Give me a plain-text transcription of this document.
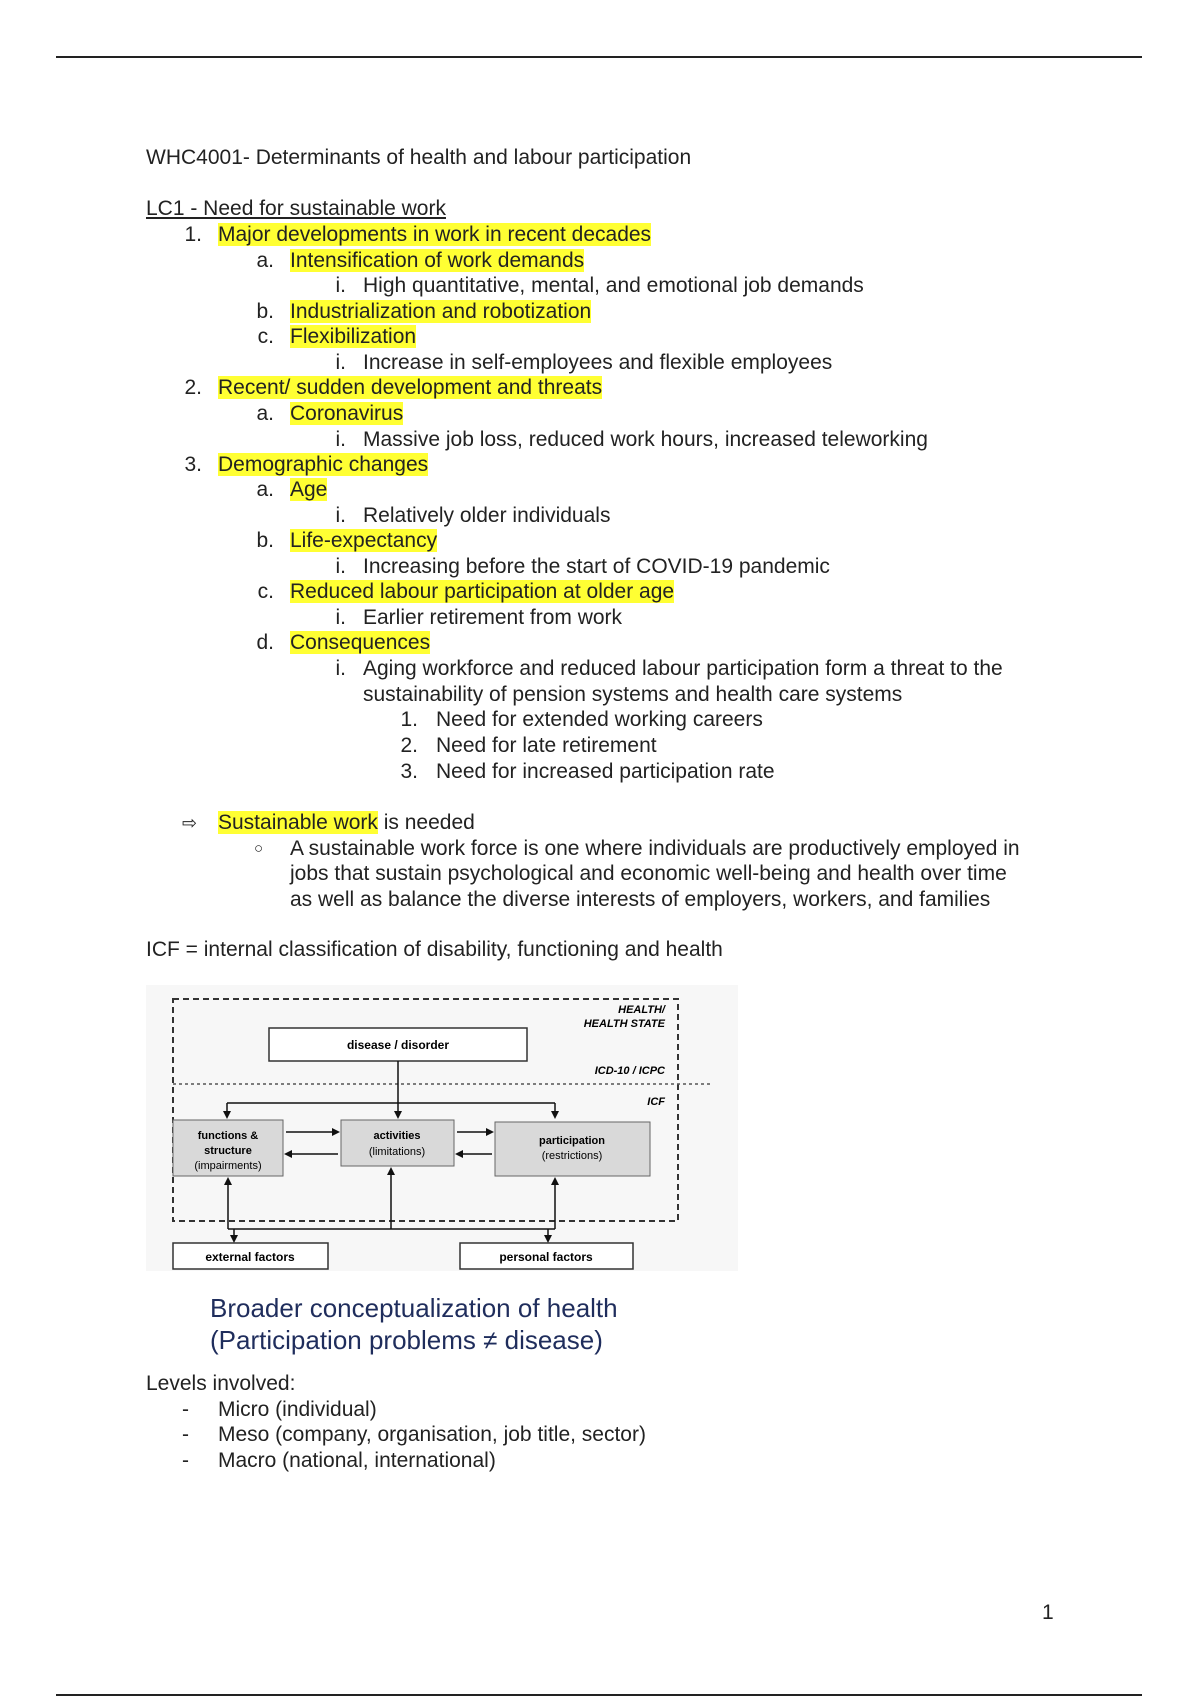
WHC4001- Determinants of health and labour participation
LC1 - Need for sustainable work
1. Major developments in work in recent decades
a. Intensification of work demands
i. High quantitative, mental, and emotional job demands
b. Industrialization and robotization
c. Flexibilization
i. Increase in self-employees and flexible employees
2. Recent/ sudden development and threats
a. Coronavirus
i. Massive job loss, reduced work hours, increased teleworking
3. Demographic changes
a. Age
i. Relatively older individuals
b. Life-expectancy
i. Increasing before the start of COVID-19 pandemic
c. Reduced labour participation at older age
i. Earlier retirement from work
d. Consequences
i. Aging workforce and reduced labour participation form a threat to the
sustainability of pension systems and health care systems
1. Need for extended working careers
2. Need for late retirement
3. Need for increased participation rate
⇨ Sustainable work is needed
○ A sustainable work force is one where individuals are productively employed in
jobs that sustain psychological and economic well-being and health over time
as well as balance the diverse interests of employers, workers, and families
ICF = internal classification of disability, functioning and health
HEALTH/
HEALTH STATE
ICD-10 / ICPC
ICF
disease / disorder
functions &
structure
(impairments)
activities
(limitations)
participation
(restrictions)
external factors	personal factors
Broader conceptualization of health
(Participation problems ≠ disease)
Levels involved:
- Micro (individual)
- Meso (company, organisation, job title, sector)
- Macro (national, international)
1
